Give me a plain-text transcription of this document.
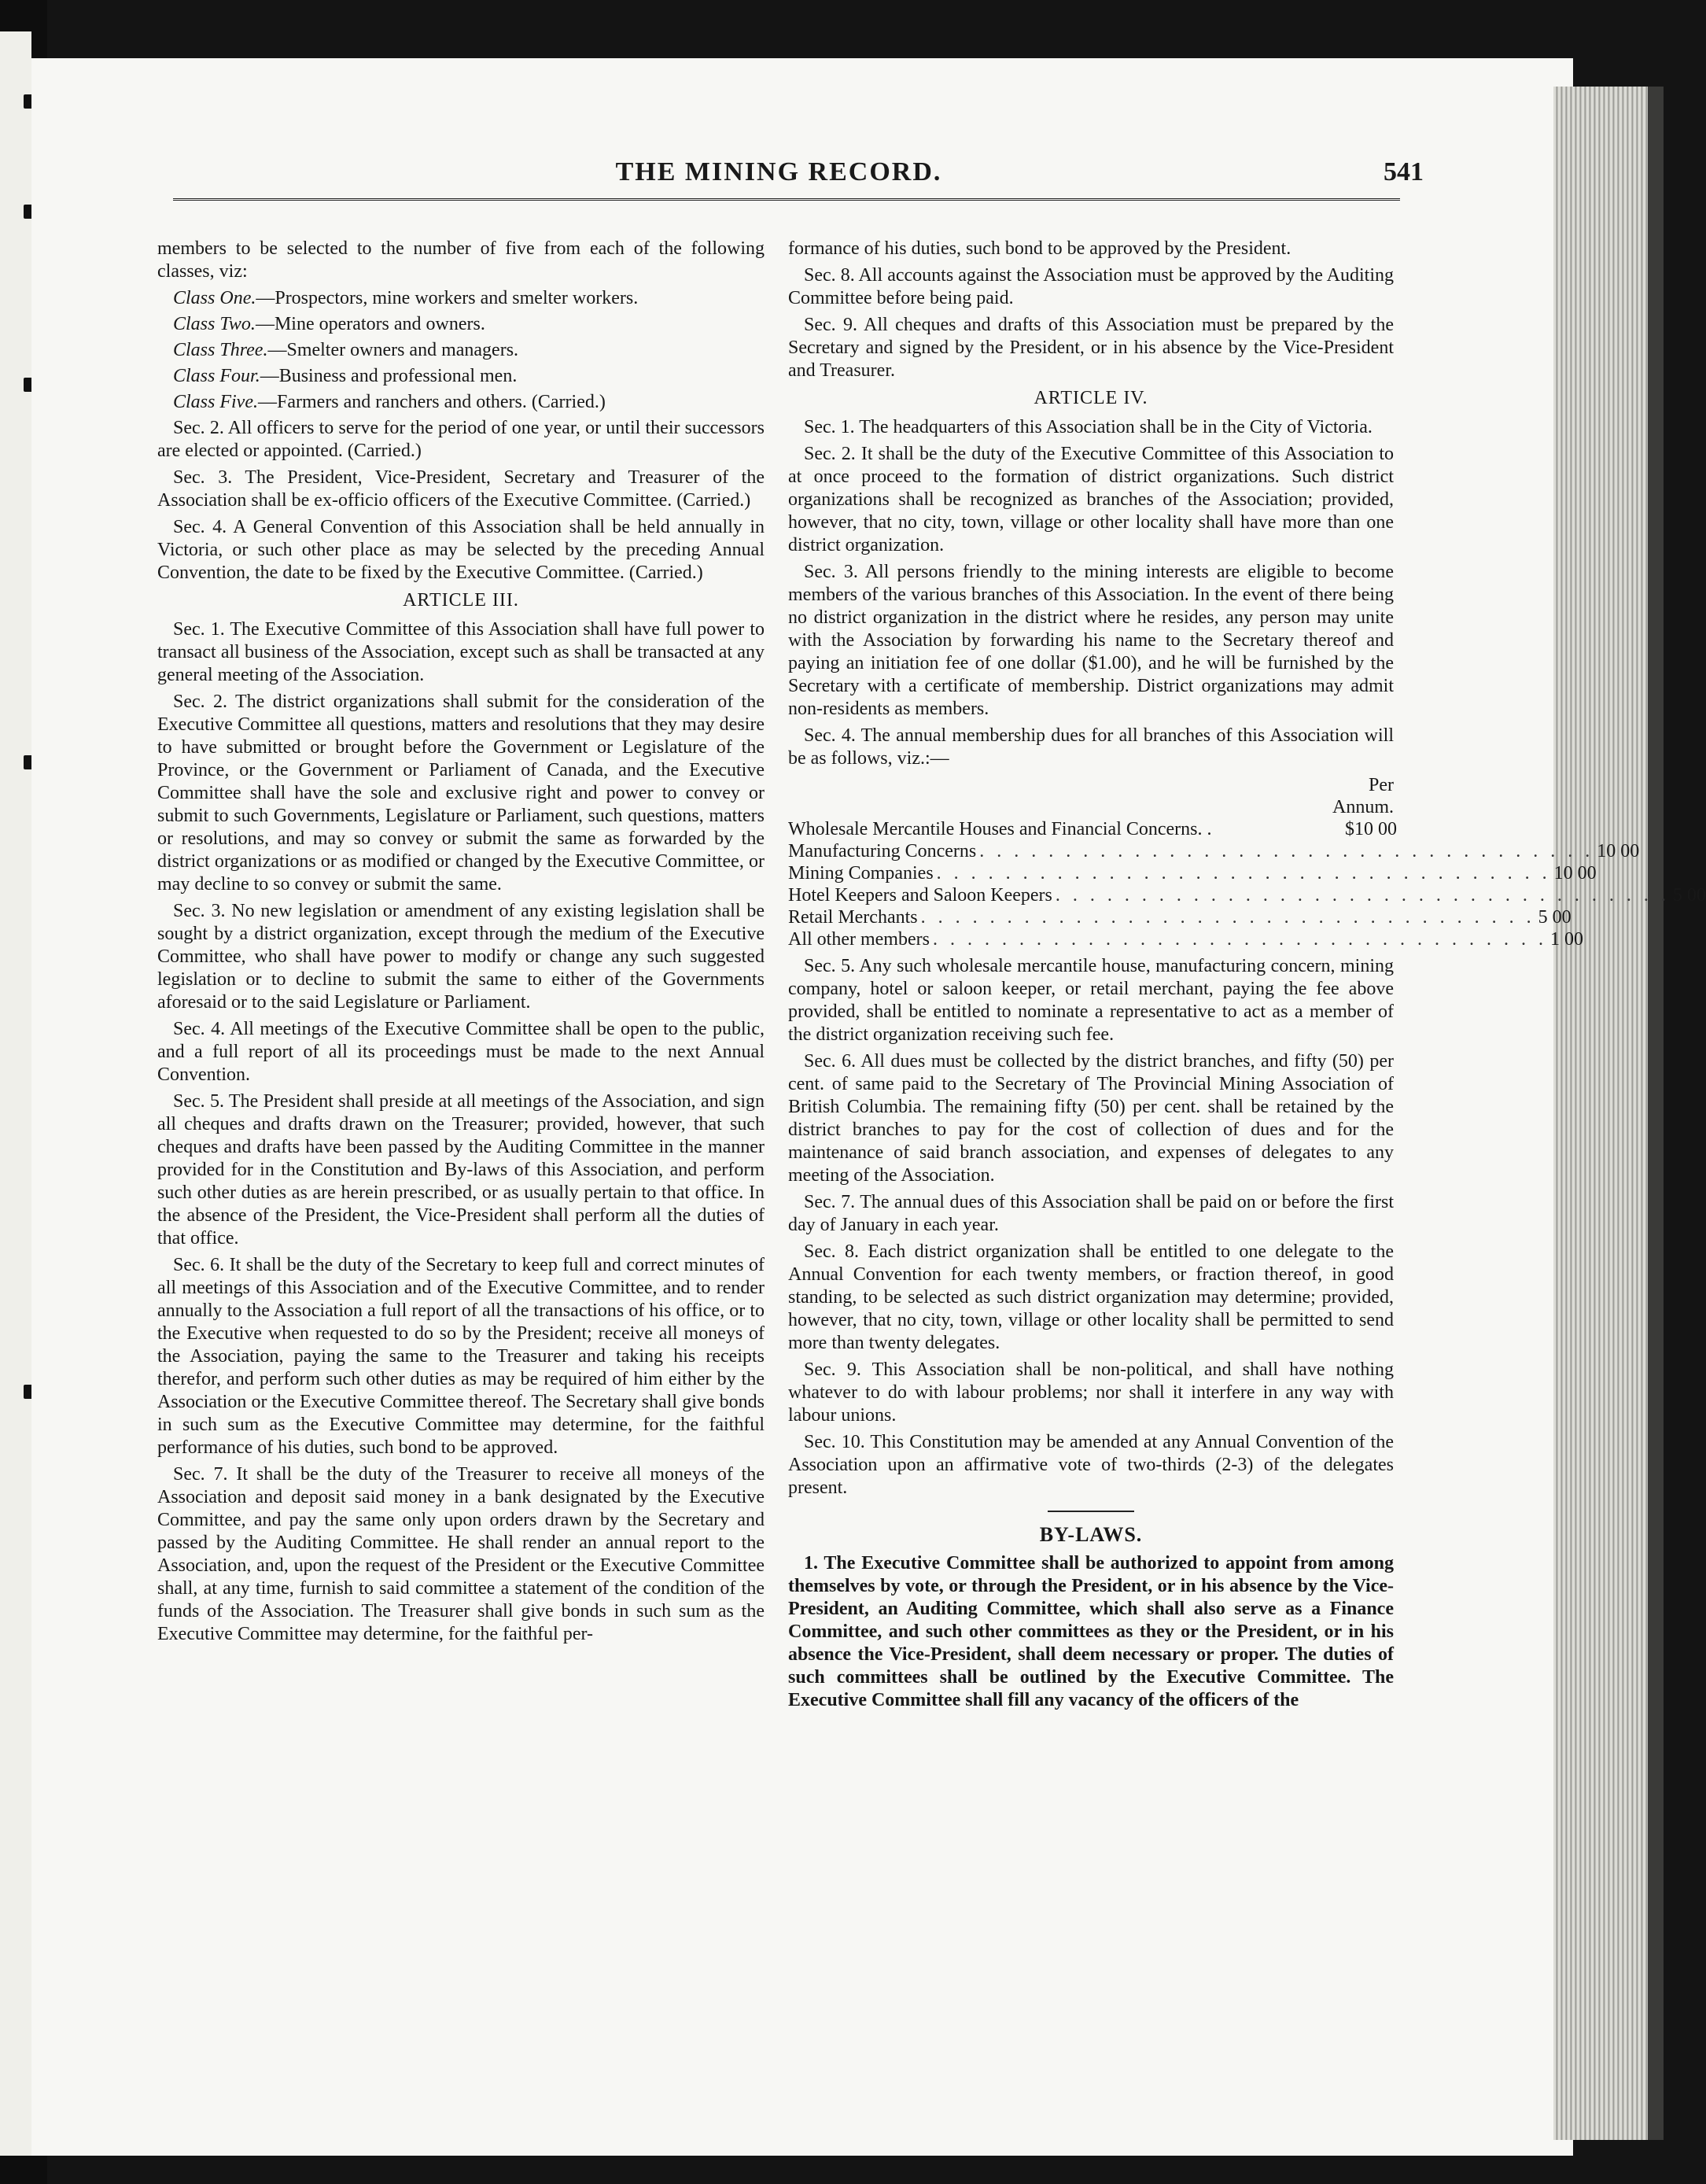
THE MINING RECORD.	541

members to be selected to the number of five from each of the following classes, viz:

Class One.—Prospectors, mine workers and smelter workers.

Class Two.—Mine operators and owners.

Class Three.—Smelter owners and managers.

Class Four.—Business and professional men.

Class Five.—Farmers and ranchers and others. (Carried.)

Sec. 2. All officers to serve for the period of one year, or until their successors are elected or appointed. (Carried.)

Sec. 3. The President, Vice-President, Secretary and Treasurer of the Association shall be ex-officio officers of the Executive Committee. (Carried.)

Sec. 4. A General Convention of this Association shall be held annually in Victoria, or such other place as may be selected by the preceding Annual Convention, the date to be fixed by the Executive Committee. (Carried.)

ARTICLE III.

Sec. 1. The Executive Committee of this Association shall have full power to transact all business of the Association, except such as shall be transacted at any general meeting of the Association.

Sec. 2. The district organizations shall submit for the consideration of the Executive Committee all questions, matters and resolutions that they may desire to have submitted or brought before the Government or Legislature of the Province, or the Government or Parliament of Canada, and the Executive Committee shall have the sole and exclusive right and power to convey or submit to such Governments, Legislature or Parliament, such questions, matters or resolutions, and may so convey or submit the same as forwarded by the district organizations or as modified or changed by the Executive Committee, or may decline to so convey or submit the same.

Sec. 3. No new legislation or amendment of any existing legislation shall be sought by a district organization, except through the medium of the Executive Committee, who shall have power to modify or change any such suggested legislation or to decline to submit the same to either of the Governments aforesaid or to the said Legislature or Parliament.

Sec. 4. All meetings of the Executive Committee shall be open to the public, and a full report of all its proceedings must be made to the next Annual Convention.

Sec. 5. The President shall preside at all meetings of the Association, and sign all cheques and drafts drawn on the Treasurer; provided, however, that such cheques and drafts have been passed by the Auditing Committee in the manner provided for in the Constitution and By-laws of this Association, and perform such other duties as are herein prescribed, or as usually pertain to that office. In the absence of the President, the Vice-President shall perform all the duties of that office.

Sec. 6. It shall be the duty of the Secretary to keep full and correct minutes of all meetings of this Association and of the Executive Committee, and to render annually to the Association a full report of all the transactions of his office, or to the Executive when requested to do so by the President; receive all moneys of the Association, paying the same to the Treasurer and taking his receipts therefor, and perform such other duties as may be required of him either by the Association or the Executive Committee thereof. The Secretary shall give bonds in such sum as the Executive Committee may determine, for the faithful performance of his duties, such bond to be approved.

Sec. 7. It shall be the duty of the Treasurer to receive all moneys of the Association and deposit said money in a bank designated by the Executive Committee, and pay the same only upon orders drawn by the Secretary and passed by the Auditing Committee. He shall render an annual report to the Association, and, upon the request of the President or the Executive Committee shall, at any time, furnish to said committee a statement of the condition of the funds of the Association. The Treasurer shall give bonds in such sum as the Executive Committee may determine, for the faithful per-

formance of his duties, such bond to be approved by the President.

Sec. 8. All accounts against the Association must be approved by the Auditing Committee before being paid.

Sec. 9. All cheques and drafts of this Association must be prepared by the Secretary and signed by the President, or in his absence by the Vice-President and Treasurer.

ARTICLE IV.

Sec. 1. The headquarters of this Association shall be in the City of Victoria.

Sec. 2. It shall be the duty of the Executive Committee of this Association to at once proceed to the formation of district organizations. Such district organizations shall be recognized as branches of the Association; provided, however, that no city, town, village or other locality shall have more than one district organization.

Sec. 3. All persons friendly to the mining interests are eligible to become members of the various branches of this Association. In the event of there being no district organization in the district where he resides, any person may unite with the Association by forwarding his name to the Secretary thereof and paying an initiation fee of one dollar ($1.00), and he will be furnished by the Secretary with a certificate of membership. District organizations may admit non-residents as members.

Sec. 4. The annual membership dues for all branches of this Association will be as follows, viz.:—

Per
Annum.
Wholesale Mercantile Houses and Financial Concerns. .	$10 00
Manufacturing Concerns . . . . . . . . . . . . . . . . . . . . . . . . . . . . . . . . . . . . 10 00
Mining Companies . . . . . . . . . . . . . . . . . . . . . . . . . . . . . . . . . . . . 10 00
Hotel Keepers and Saloon Keepers . . . . . . . . . . . . . . . . . . . . . . . . . . . . . . . . . . . . 5 00
Retail Merchants . . . . . . . . . . . . . . . . . . . . . . . . . . . . . . . . . . . . 5 00
All other members . . . . . . . . . . . . . . . . . . . . . . . . . . . . . . . . . . . . 1 00

Sec. 5. Any such wholesale mercantile house, manufacturing concern, mining company, hotel or saloon keeper, or retail merchant, paying the fee above provided, shall be entitled to nominate a representative to act as a member of the district organization receiving such fee.

Sec. 6. All dues must be collected by the district branches, and fifty (50) per cent. of same paid to the Secretary of The Provincial Mining Association of British Columbia. The remaining fifty (50) per cent. shall be retained by the district branches to pay for the cost of collection of dues and for the maintenance of said branch association, and expenses of delegates to any meeting of the Association.

Sec. 7. The annual dues of this Association shall be paid on or before the first day of January in each year.

Sec. 8. Each district organization shall be entitled to one delegate to the Annual Convention for each twenty members, or fraction thereof, in good standing, to be selected as such district organization may determine; provided, however, that no city, town, village or other locality shall be permitted to send more than twenty delegates.

Sec. 9. This Association shall be non-political, and shall have nothing whatever to do with labour problems; nor shall it interfere in any way with labour unions.

Sec. 10. This Constitution may be amended at any Annual Convention of the Association upon an affirmative vote of two-thirds (2-3) of the delegates present.

BY-LAWS.

1. The Executive Committee shall be authorized to appoint from among themselves by vote, or through the President, or in his absence by the Vice-President, an Auditing Committee, which shall also serve as a Finance Committee, and such other committees as they or the President, or in his absence the Vice-President, shall deem necessary or proper. The duties of such committees shall be outlined by the Executive Committee. The Executive Committee shall fill any vacancy of the officers of the
